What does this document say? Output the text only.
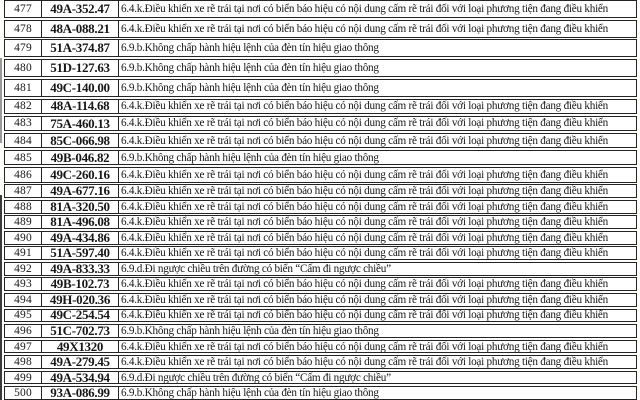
477	49A-352.47	6.4.k.Điều khiển xe rẽ trái tại nơi có biển báo hiệu có nội dung cấm rẽ trái đối với loại phương tiện đang điều khiển
478	48A-088.21	6.4.k.Điều khiển xe rẽ trái tại nơi có biển báo hiệu có nội dung cấm rẽ trái đối với loại phương tiện đang điều khiển
479	51A-374.87	6.9.b.Không chấp hành hiệu lệnh của đèn tín hiệu giao thông
480	51D-127.63	6.9.b.Không chấp hành hiệu lệnh của đèn tín hiệu giao thông
481	49C-140.00	6.9.b.Không chấp hành hiệu lệnh của đèn tín hiệu giao thông
482	48A-114.68	6.4.k.Điều khiển xe rẽ trái tại nơi có biển báo hiệu có nội dung cấm rẽ trái đối với loại phương tiện đang điều khiển
483	75A-460.13	6.4.k.Điều khiển xe rẽ trái tại nơi có biển báo hiệu có nội dung cấm rẽ trái đối với loại phương tiện đang điều khiển
484	85C-066.98	6.4.k.Điều khiển xe rẽ trái tại nơi có biển báo hiệu có nội dung cấm rẽ trái đối với loại phương tiện đang điều khiển
485	49B-046.82	6.9.b.Không chấp hành hiệu lệnh của đèn tín hiệu giao thông
486	49C-260.16	6.4.k.Điều khiển xe rẽ trái tại nơi có biển báo hiệu có nội dung cấm rẽ trái đối với loại phương tiện đang điều khiển
487	49A-677.16	6.4.k.Điều khiển xe rẽ trái tại nơi có biển báo hiệu có nội dung cấm rẽ trái đối với loại phương tiện đang điều khiển
488	81A-320.50	6.4.k.Điều khiển xe rẽ trái tại nơi có biển báo hiệu có nội dung cấm rẽ trái đối với loại phương tiện đang điều khiển
489	81A-496.08	6.4.k.Điều khiển xe rẽ trái tại nơi có biển báo hiệu có nội dung cấm rẽ trái đối với loại phương tiện đang điều khiển
490	49A-434.86	6.4.k.Điều khiển xe rẽ trái tại nơi có biển báo hiệu có nội dung cấm rẽ trái đối với loại phương tiện đang điều khiển
491	51A-597.40	6.4.k.Điều khiển xe rẽ trái tại nơi có biển báo hiệu có nội dung cấm rẽ trái đối với loại phương tiện đang điều khiển
492	49A-833.33	6.9.d.Đi ngược chiều trên đường có biển “Cấm đi ngược chiều”
493	49B-102.73	6.4.k.Điều khiển xe rẽ trái tại nơi có biển báo hiệu có nội dung cấm rẽ trái đối với loại phương tiện đang điều khiển
494	49H-020.36 6.4.k.Điều khiển xe rẽ trái tại nơi có biển báo hiệu có nội dung cấm rẽ trái đối với loại phương tiện đang điều khiển
495	49C-254.54	6.4.k.Điều khiển xe rẽ trái tại nơi có biển báo hiệu có nội dung cấm rẽ trái đối với loại phương tiện đang điều khiển
496	51C-702.73	6.9.b.Không chấp hành hiệu lệnh của đèn tín hiệu giao thông
497	49X1320	6.4.k.Điều khiển xe rẽ trái tại nơi có biển báo hiệu có nội dung cấm rẽ trái đối với loại phương tiện đang điều khiển
498	49A-279.45	6.4.k.Điều khiển xe rẽ trái tại nơi có biển báo hiệu có nội dung cấm rẽ trái đối với loại phương tiện đang điều khiển
499	49A-534.94	6.9.d.Đi ngược chiều trên đường có biển “Cấm đi ngược chiều”
500	93A-086.99	6.9.b.Không chấp hành hiệu lệnh của đèn tín hiệu giao thông
